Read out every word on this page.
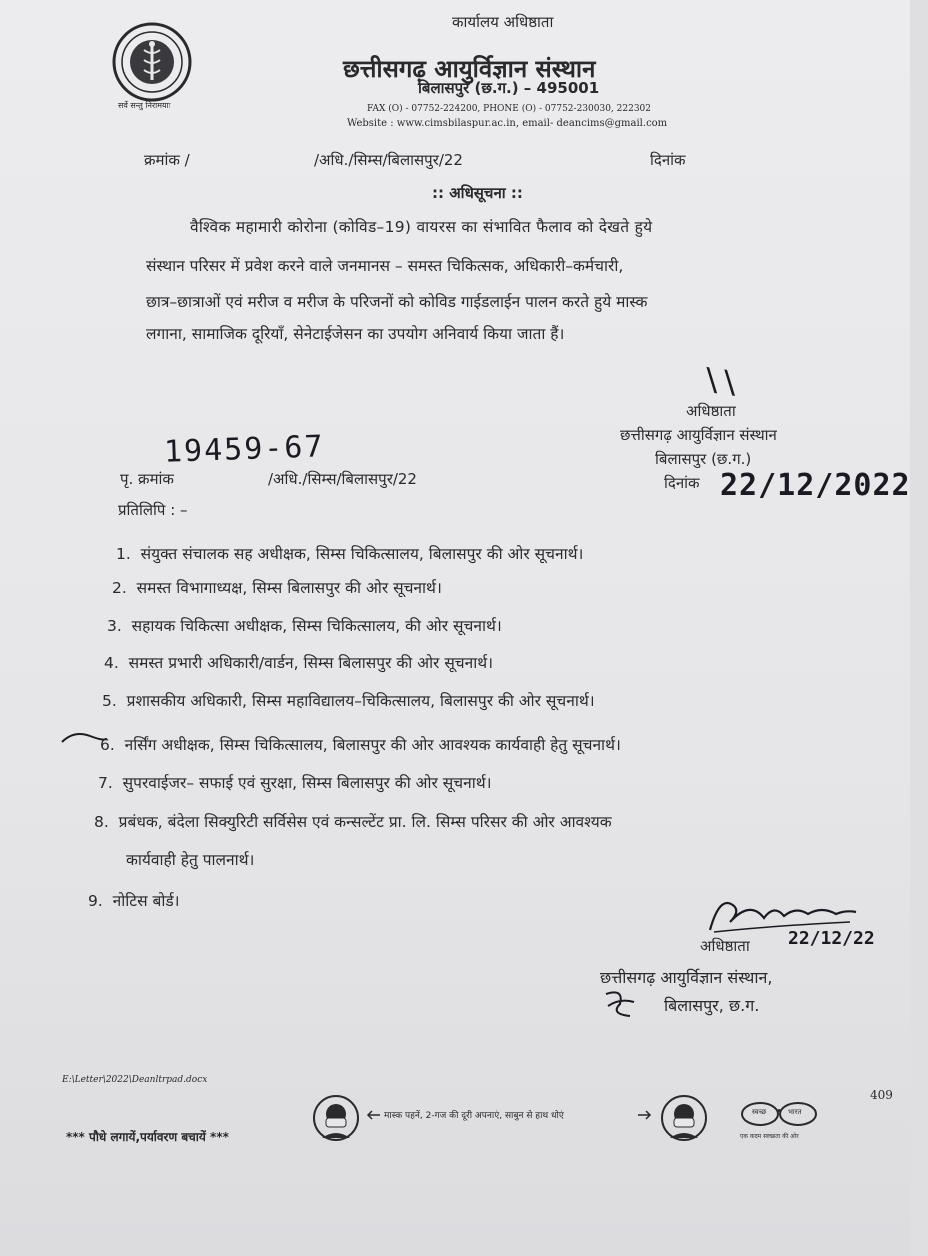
सर्वे सन्तु निरामयाः
कार्यालय अधिष्ठाता
छत्तीसगढ़ आयुर्विज्ञान संस्थान
बिलासपुर (छ.ग.) – 495001
FAX (O) - 07752-224200, PHONE (O) - 07752-230030, 222302
Website : www.cimsbilaspur.ac.in, email- deancims@gmail.com
क्रमांक /	/अधि./सिम्स/बिलासपुर/22	दिनांक
:: अधिसूचना ::
वैश्विक महामारी कोरोना (कोविड–19) वायरस का संभावित फैलाव को देखते हुये
संस्थान परिसर में प्रवेश करने वाले जनमानस – समस्त चिकित्सक, अधिकारी–कर्मचारी,
छात्र–छात्राओं एवं मरीज व मरीज के परिजनों को कोविड गाईडलाईन पालन करते हुये मास्क
लगाना, सामाजिक दूरियाँ, सेनेटाईजेसन का उपयोग अनिवार्य किया जाता हैं।
\\
अधिष्ठाता
छत्तीसगढ़ आयुर्विज्ञान संस्थान
बिलासपुर (छ.ग.)
19459-67
पृ. क्रमांक	/अधि./सिम्स/बिलासपुर/22	दिनांक 22/12/2022
प्रतिलिपि : –
1. संयुक्त संचालक सह अधीक्षक, सिम्स चिकित्सालय, बिलासपुर की ओर सूचनार्थ।
2. समस्त विभागाध्यक्ष, सिम्स बिलासपुर की ओर सूचनार्थ।
3. सहायक चिकित्सा अधीक्षक, सिम्स चिकित्सालय, की ओर सूचनार्थ।
4. समस्त प्रभारी अधिकारी/वार्डन, सिम्स बिलासपुर की ओर सूचनार्थ।
5. प्रशासकीय अधिकारी, सिम्स महाविद्यालय–चिकित्सालय, बिलासपुर की ओर सूचनार्थ।
6. नर्सिंग अधीक्षक, सिम्स चिकित्सालय, बिलासपुर की ओर आवश्यक कार्यवाही हेतु सूचनार्थ।
7. सुपरवाईजर– सफाई एवं सुरक्षा, सिम्स बिलासपुर की ओर सूचनार्थ।
8. प्रबंधक, बंदेला सिक्युरिटी सर्विसेस एवं कन्सल्टेंट प्रा. लि. सिम्स परिसर की ओर आवश्यक
कार्यवाही हेतु पालनार्थ।
9. नोटिस बोर्ड।
अधिष्ठाता 22/12/22
छत्तीसगढ़ आयुर्विज्ञान संस्थान,
बिलासपुर, छ.ग.
E:\Letter\2022\Deanltrpad.docx
409
*** पौधे लगायें,पर्यावरण बचायें ***
मास्क पहनें, 2-गज की दूरी अपनाएं, साबुन से हाथ धोएं	स्वच्छ	भारत
एक कदम स्वच्छता की ओर
